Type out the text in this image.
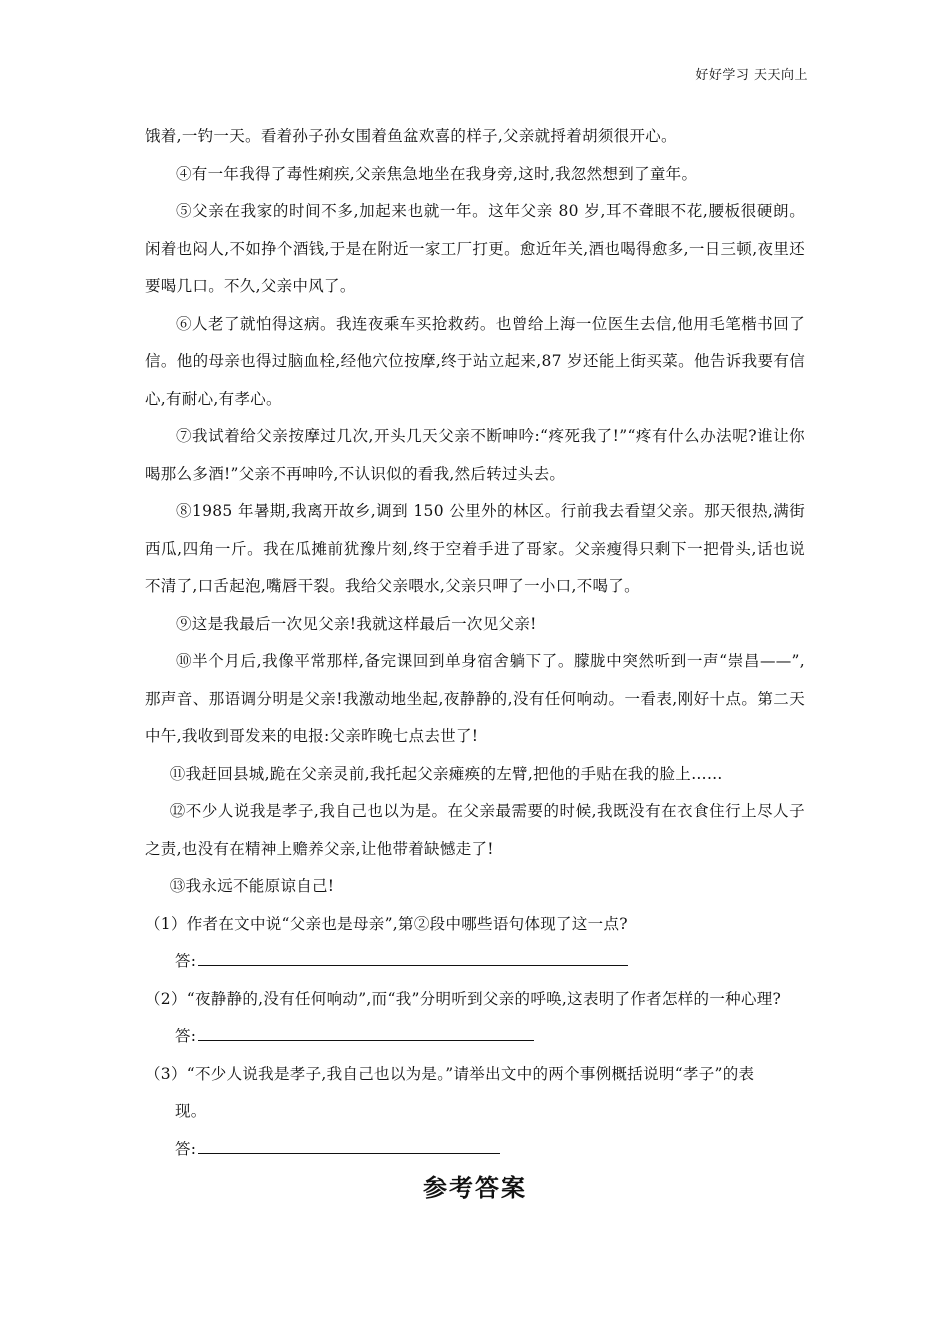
好好学习 天天向上

饿着,一钓一天。看着孙子孙女围着鱼盆欢喜的样子,父亲就捋着胡须很开心。

④有一年我得了毒性痢疾,父亲焦急地坐在我身旁,这时,我忽然想到了童年。

⑤父亲在我家的时间不多,加起来也就一年。这年父亲 80 岁,耳不聋眼不花,腰板很硬朗。闲着也闷人,不如挣个酒钱,于是在附近一家工厂打更。愈近年关,酒也喝得愈多,一日三顿,夜里还要喝几口。不久,父亲中风了。

⑥人老了就怕得这病。我连夜乘车买抢救药。也曾给上海一位医生去信,他用毛笔楷书回了信。他的母亲也得过脑血栓,经他穴位按摩,终于站立起来,87 岁还能上街买菜。他告诉我要有信心,有耐心,有孝心。

⑦我试着给父亲按摩过几次,开头几天父亲不断呻吟:“疼死我了!”“疼有什么办法呢?谁让你喝那么多酒!”父亲不再呻吟,不认识似的看我,然后转过头去。

⑧1985 年暑期,我离开故乡,调到 150 公里外的林区。行前我去看望父亲。那天很热,满街西瓜,四角一斤。我在瓜摊前犹豫片刻,终于空着手进了哥家。父亲瘦得只剩下一把骨头,话也说不清了,口舌起泡,嘴唇干裂。我给父亲喂水,父亲只呷了一小口,不喝了。

⑨这是我最后一次见父亲!我就这样最后一次见父亲!

⑩半个月后,我像平常那样,备完课回到单身宿舍躺下了。朦胧中突然听到一声“崇昌——”,那声音、那语调分明是父亲!我激动地坐起,夜静静的,没有任何响动。一看表,刚好十点。第二天中午,我收到哥发来的电报:父亲昨晚七点去世了!

⑪我赶回县城,跪在父亲灵前,我托起父亲瘫痪的左臂,把他的手贴在我的脸上……

⑫不少人说我是孝子,我自己也以为是。在父亲最需要的时候,我既没有在衣食住行上尽人子之责,也没有在精神上赡养父亲,让他带着缺憾走了!

⑬我永远不能原谅自己!

（1）作者在文中说“父亲也是母亲”,第②段中哪些语句体现了这一点?

答:

（2）“夜静静的,没有任何响动”,而“我”分明听到父亲的呼唤,这表明了作者怎样的一种心理?

答:

（3）“不少人说我是孝子,我自己也以为是。”请举出文中的两个事例概括说明“孝子”的表

现。

答:

参考答案
